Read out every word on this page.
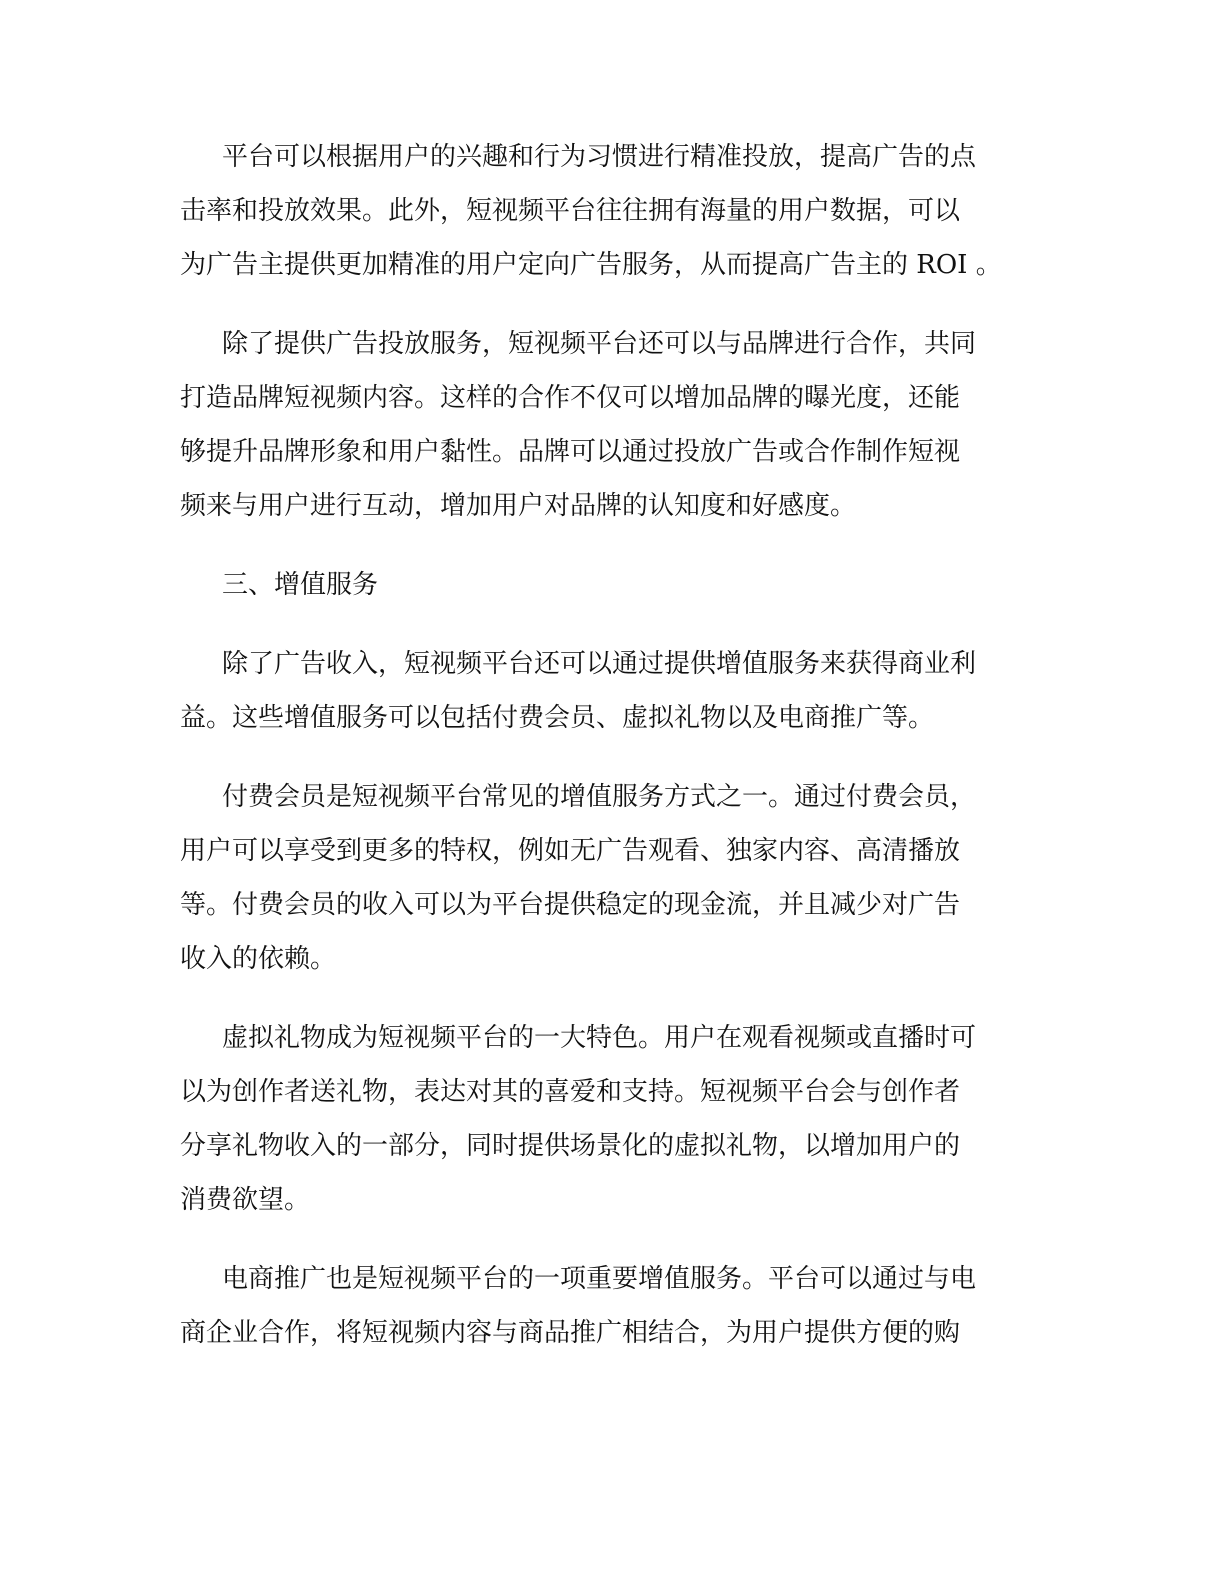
平台可以根据用户的兴趣和行为习惯进行精准投放，提高广告的点
击率和投放效果。此外，短视频平台往往拥有海量的用户数据，可以
为广告主提供更加精准的用户定向广告服务，从而提高广告主的 ROI 。
除了提供广告投放服务，短视频平台还可以与品牌进行合作，共同
打造品牌短视频内容。这样的合作不仅可以增加品牌的曝光度，还能
够提升品牌形象和用户黏性。品牌可以通过投放广告或合作制作短视
频来与用户进行互动，增加用户对品牌的认知度和好感度。
三、增值服务
除了广告收入，短视频平台还可以通过提供增值服务来获得商业利
益。这些增值服务可以包括付费会员、虚拟礼物以及电商推广等。
付费会员是短视频平台常见的增值服务方式之一。通过付费会员，
用户可以享受到更多的特权，例如无广告观看、独家内容、高清播放
等。付费会员的收入可以为平台提供稳定的现金流，并且减少对广告
收入的依赖。
虚拟礼物成为短视频平台的一大特色。用户在观看视频或直播时可
以为创作者送礼物，表达对其的喜爱和支持。短视频平台会与创作者
分享礼物收入的一部分，同时提供场景化的虚拟礼物，以增加用户的
消费欲望。
电商推广也是短视频平台的一项重要增值服务。平台可以通过与电
商企业合作，将短视频内容与商品推广相结合，为用户提供方便的购
